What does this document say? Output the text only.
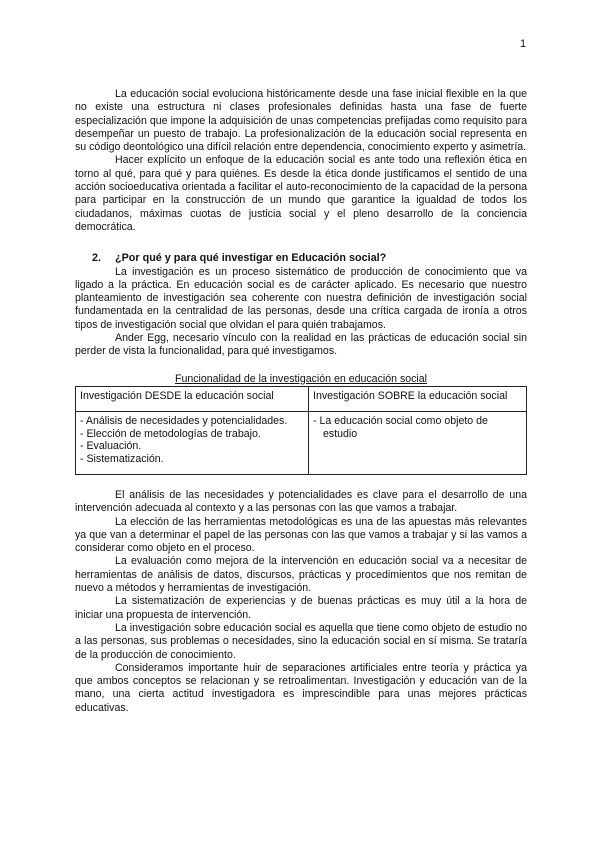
1

La educación social evoluciona históricamente desde una fase inicial flexible en la que no existe una estructura ni clases profesionales definidas hasta una fase de fuerte especialización que impone la adquisición de unas competencias prefijadas como requisito para desempeñar un puesto de trabajo. La profesionalización de la educación social representa en su código deontológico una difícil relación entre dependencia, conocimiento experto y asimetría.

Hacer explícito un enfoque de la educación social es ante todo una reflexión ética en torno al qué, para qué y para quiénes. Es desde la ética donde justificamos el sentido de una acción socioeducativa orientada a facilitar el auto-reconocimiento de la capacidad de la persona para participar en la construcción de un mundo que garantice la igualdad de todos los ciudadanos, máximas cuotas de justicia social y el pleno desarrollo de la conciencia democrática.

2. ¿Por qué y para qué investigar en Educación social?

La investigación es un proceso sistemático de producción de conocimiento que va ligado a la práctica. En educación social es de carácter aplicado. Es necesario que nuestro planteamiento de investigación sea coherente con nuestra definición de investigación social fundamentada en la centralidad de las personas, desde una crítica cargada de ironía a otros tipos de investigación social que olvidan el para quién trabajamos.

Ander Egg, necesario vínculo con la realidad en las prácticas de educación social sin perder de vista la funcionalidad, para qué investigamos.

Funcionalidad de la investigación en educación social
Investigación DESDE la educación social	Investigación SOBRE la educación social

- Análisis de necesidades y potencialidades.
- Elección de metodologías de trabajo.
- Evaluación.
- Sistematización.	- La educación social como objeto de
estudio

El análisis de las necesidades y potencialidades es clave para el desarrollo de una intervención adecuada al contexto y a las personas con las que vamos a trabajar.

La elección de las herramientas metodológicas es una de las apuestas más relevantes ya que van a determinar el papel de las personas con las que vamos a trabajar y si las vamos a considerar como objeto en el proceso.

La evaluación como mejora de la intervención en educación social va a necesitar de herramientas de análisis de datos, discursos, prácticas y procedimientos que nos remitan de nuevo a métodos y herramientas de investigación.

La sistematización de experiencias y de buenas prácticas es muy útil a la hora de iniciar una propuesta de intervención.

La investigación sobre educación social es aquella que tiene como objeto de estudio no a las personas, sus problemas o necesidades, sino la educación social en sí misma. Se trataría de la producción de conocimiento.

Consideramos importante huir de separaciones artificiales entre teoría y práctica ya que ambos conceptos se relacionan y se retroalimentan. Investigación y educación van de la mano, una cierta actitud investigadora es imprescindible para unas mejores prácticas educativas.
